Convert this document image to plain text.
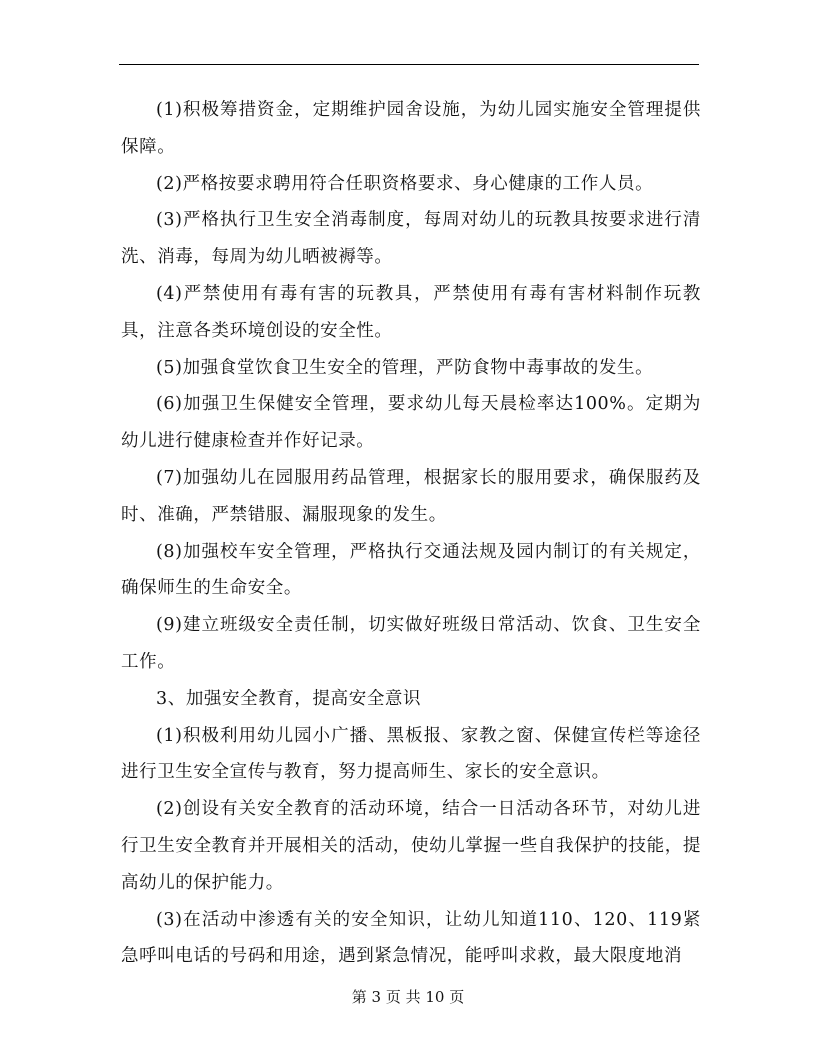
(1)积极筹措资金，定期维护园舍设施，为幼儿园实施安全管理提供保障。

(2)严格按要求聘用符合任职资格要求、身心健康的工作人员。

(3)严格执行卫生安全消毒制度，每周对幼儿的玩教具按要求进行清洗、消毒，每周为幼儿晒被褥等。

(4)严禁使用有毒有害的玩教具，严禁使用有毒有害材料制作玩教具，注意各类环境创设的安全性。

(5)加强食堂饮食卫生安全的管理，严防食物中毒事故的发生。

(6)加强卫生保健安全管理，要求幼儿每天晨检率达100%。定期为幼儿进行健康检查并作好记录。

(7)加强幼儿在园服用药品管理，根据家长的服用要求，确保服药及时、准确，严禁错服、漏服现象的发生。

(8)加强校车安全管理，严格执行交通法规及园内制订的有关规定，确保师生的生命安全。

(9)建立班级安全责任制，切实做好班级日常活动、饮食、卫生安全工作。

3、加强安全教育，提高安全意识

(1)积极利用幼儿园小广播、黑板报、家教之窗、保健宣传栏等途径进行卫生安全宣传与教育，努力提高师生、家长的安全意识。

(2)创设有关安全教育的活动环境，结合一日活动各环节，对幼儿进行卫生安全教育并开展相关的活动，使幼儿掌握一些自我保护的技能，提高幼儿的保护能力。

(3)在活动中渗透有关的安全知识，让幼儿知道110、120、119紧急呼叫电话的号码和用途，遇到紧急情况，能呼叫求救，最大限度地消

第 3 页 共 10 页
